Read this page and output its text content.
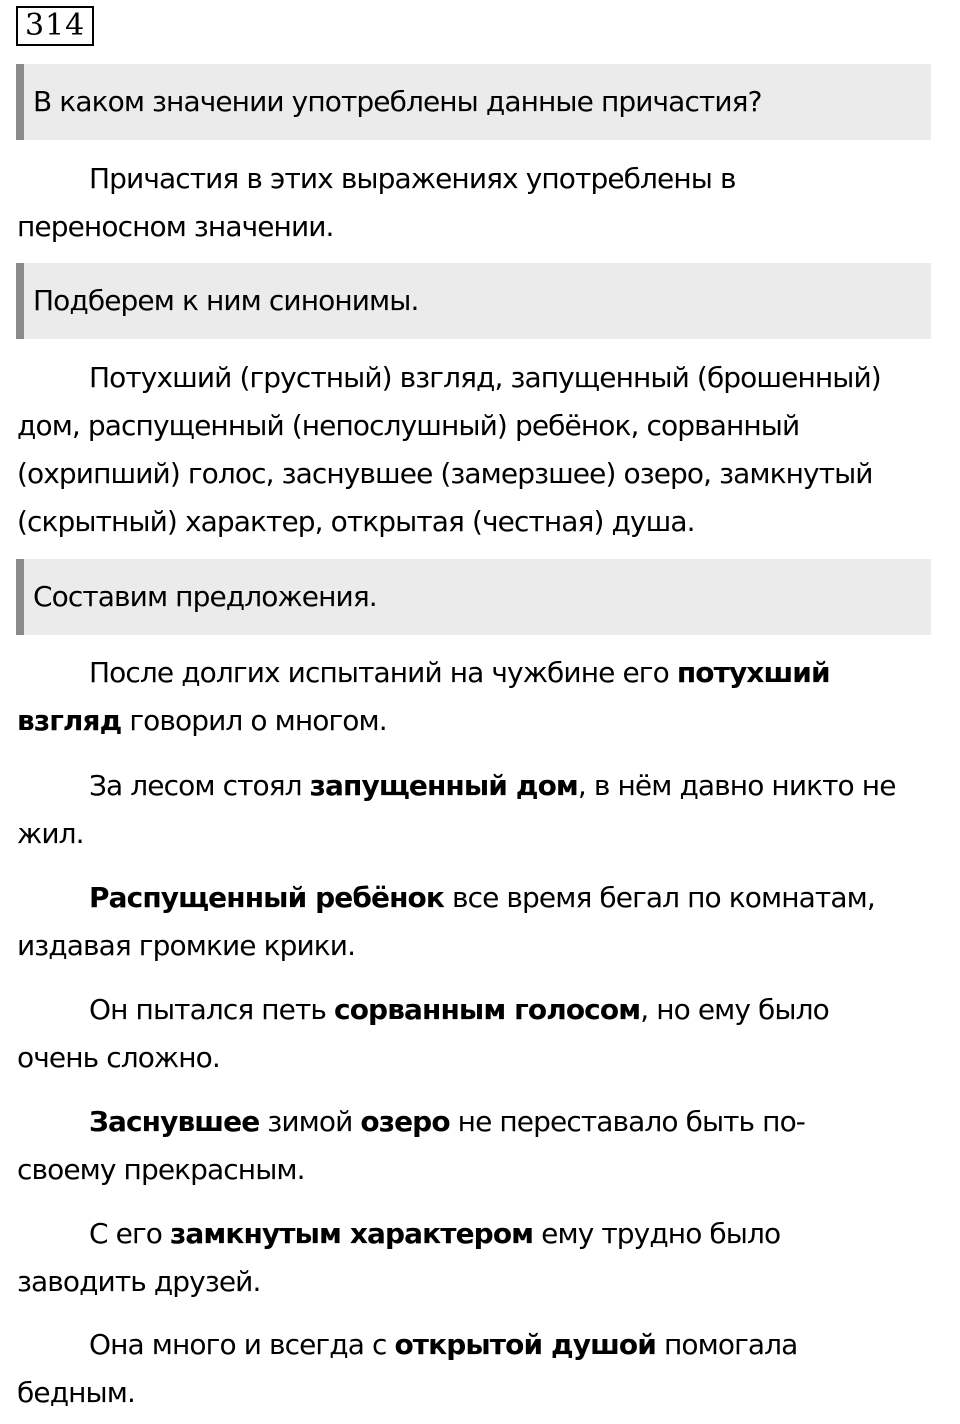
314
В каком значении употреблены данные причастия?
Причастия в этих выражениях употреблены в
переносном значении.
Подберем к ним синонимы.
Потухший (грустный) взгляд, запущенный (брошенный)
дом, распущенный (непослушный) ребёнок, сорванный
(охрипший) голос, заснувшее (замерзшее) озеро, замкнутый
(скрытный) характер, открытая (честная) душа.
Составим предложения.
После долгих испытаний на чужбине его потухший
взгляд говорил о многом.
За лесом стоял запущенный дом, в нём давно никто не
жил.
Распущенный ребёнок все время бегал по комнатам,
издавая громкие крики.
Он пытался петь сорванным голосом, но ему было
очень сложно.
Заснувшее зимой озеро не переставало быть по-
своему прекрасным.
С его замкнутым характером ему трудно было
заводить друзей.
Она много и всегда с открытой душой помогала
бедным.
